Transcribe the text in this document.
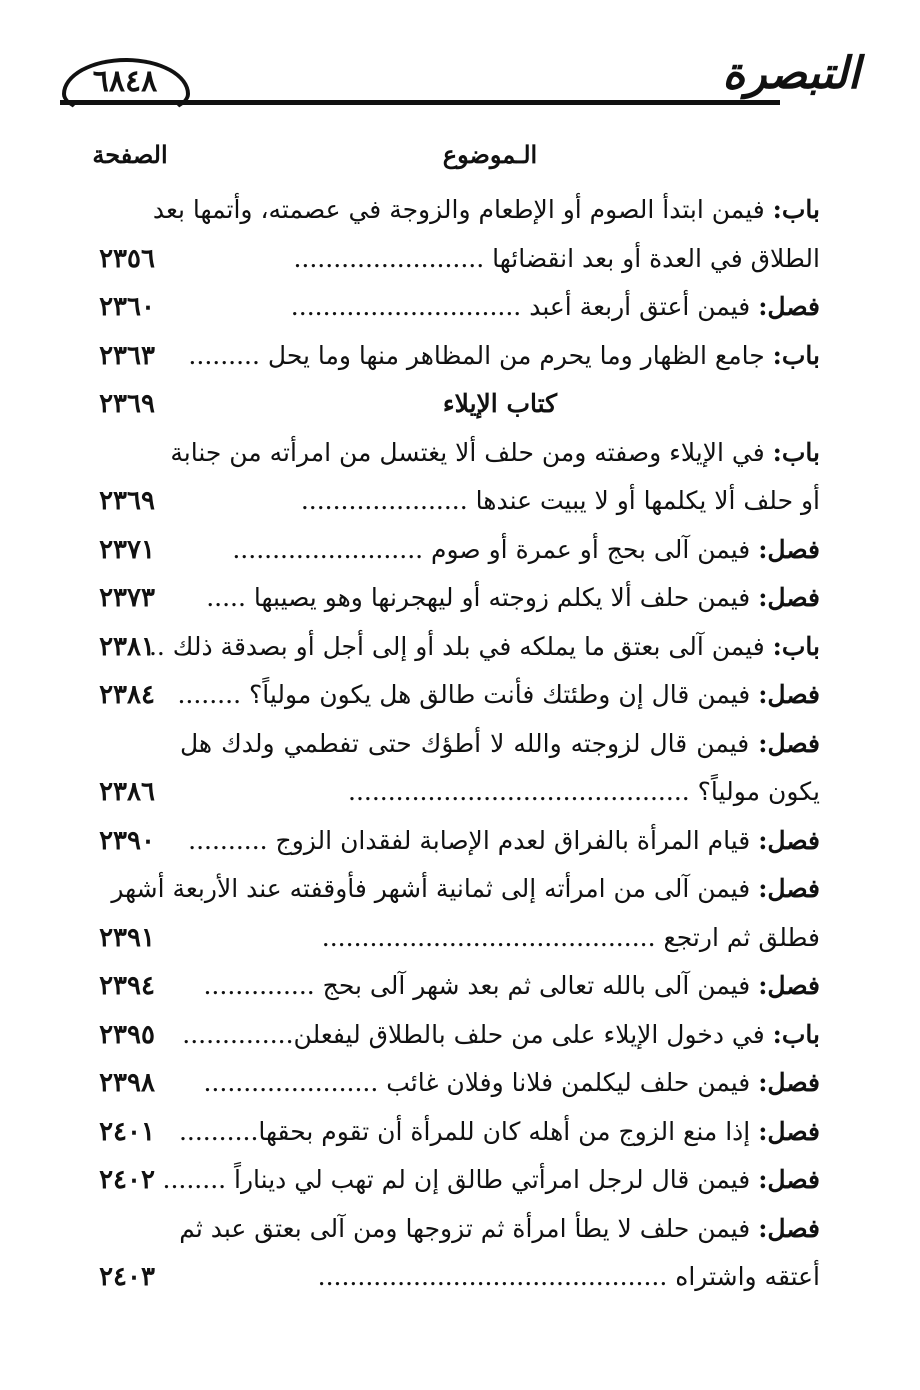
التبصرة
٦٨٤٨
الـموضوع
الصفحة
باب: فيمن ابتدأ الصوم أو الإطعام والزوجة في عصمته، وأتمها بعد
الطلاق في العدة أو بعد انقضائها ........................
٢٣٥٦
فصل: فيمن أعتق أربعة أعبد .............................
٢٣٦٠
باب: جامع الظهار وما يحرم من المظاهر منها وما يحل .........
٢٣٦٣
كتاب الإيلاء
٢٣٦٩
باب: في الإيلاء وصفته ومن حلف ألا يغتسل من امرأته من جنابة
أو حلف ألا يكلمها أو لا يبيت عندها .....................
٢٣٦٩
فصل: فيمن آلى بحج أو عمرة أو صوم ........................
٢٣٧١
فصل: فيمن حلف ألا يكلم زوجته أو ليهجرنها وهو يصيبها .....
٢٣٧٣
باب: فيمن آلى بعتق ما يملكه في بلد أو إلى أجل أو بصدقة ذلك ..
٢٣٨١
فصل: فيمن قال إن وطئتك فأنت طالق هل يكون مولياً؟ ........
٢٣٨٤
فصل: فيمن قال لزوجته والله لا أطؤك حتى تفطمي ولدك هل
يكون مولياً؟ ...........................................
٢٣٨٦
فصل: قيام المرأة بالفراق لعدم الإصابة لفقدان الزوج ..........
٢٣٩٠
فصل: فيمن آلى من امرأته إلى ثمانية أشهر فأوقفته عند الأربعة أشهر
فطلق ثم ارتجع ..........................................
٢٣٩١
فصل: فيمن آلى بالله تعالى ثم بعد شهر آلى بحج ..............
٢٣٩٤
باب: في دخول الإيلاء على من حلف بالطلاق ليفعلن..............
٢٣٩٥
فصل: فيمن حلف ليكلمن فلانا وفلان غائب ......................
٢٣٩٨
فصل: إذا منع الزوج من أهله كان للمرأة أن تقوم بحقها..........
٢٤٠١
فصل: فيمن قال لرجل امرأتي طالق إن لم تهب لي ديناراً ........
٢٤٠٢
فصل: فيمن حلف لا يطأ امرأة ثم تزوجها ومن آلى بعتق عبد ثم
أعتقه واشتراه ............................................
٢٤٠٣
